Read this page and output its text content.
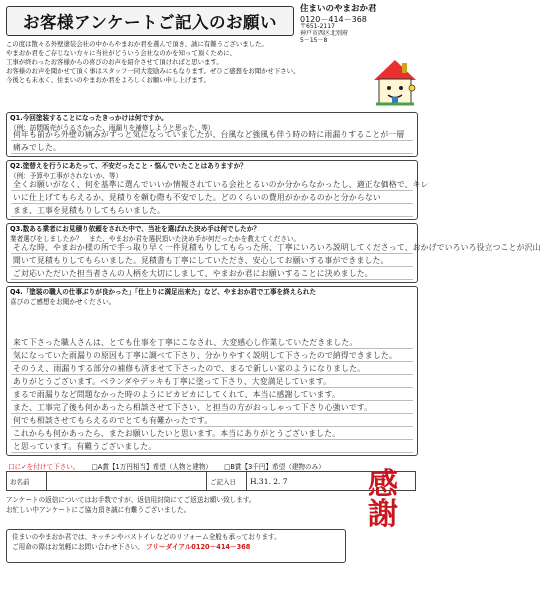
お客様アンケートご記入のお願い
住まいのやまおか君
0120－414－368
〒651-2117
神戸市西区北別府
5－15－8
この度は散々る外壁塗装会社の中からやまおか君を選んで頂き、誠に有難うございました。
やまおか君をご存じない方々に当社がどういう会社なのかを知って頂くために、
工事が終わったお客様からの喜びのお声を紹介させて頂ければと思います。
お客様のお声を聞かせて頂く事はスタッフ一同大変励みにもなります。ぜひご感想をお聞かせ下さい。
今後とも末永く、住まいのやまおか君をよろしくお願い申し上げます。
Q1.今回塗装することになったきっかけは何ですか。
（例：訪問販売がうるさかった、雨漏りを補修しようと思った、等）
何年も前から外壁の痛みがずっと気になっていましたが、台風など強風も伴う時の時に雨漏りすることが一層
痛みでした。
Q2.塗替えを行うにあたって、不安だったこと・悩んでいたことはありますか？
（例：予算や工事がされないか、等）
全くお願いがなく、何を基準に選んでいいか情報されている会社とるいのか分からなかったし、適正な価格で、キレ
いに仕上げてもらえるか、見積りを頼む際も不安でした。どのくらいの費用がかかるのかと分からない
まま、工事を見積もりしてもらいました。
Q3.数ある業者にお見積り依頼をされた中で、当社を選ばれた決め手は何でしたか？
業者選びをしましたか？　また、やまおか君を選択頂いた決め手が何だったかを教えてください。
そんな時、やまおか様の所で手っ取り早く一件見積もりしてもらった所、丁寧にいろいろ説明してくださって、おかげでいろいろ役立つことが沢山
聞いて見積もりしてもらいました。見積書も丁寧にしていただき、安心してお願いする事ができました。
ご対応いただいた担当者さんの人柄を大切にしまして、やまおか君にお願いすることに決めました。
Q4.「塗装の職人の仕事ぶりが良かった」「仕上りに満足出来た」など、やまおか君で工事を終えられた
喜びのご感想をお聞かせください。
来て下さった職人さんは、とても仕事を丁寧にこなされ、大変感心し作業していただきました。
気になっていた雨漏りの原因も丁寧に調べて下さり、分かりやすく説明して下さったので納得できました。
そのうえ、雨漏りする部分の補修も済ませて下さったので、まるで新しい家のようになりました。
ありがとうございます。ベランダやデッキも丁寧に塗って下さり、大変満足しています。
まるで雨漏りなど問題なかった時のようにピカピカにしてくれて、本当に感謝しています。
また、工事完了後も何かあったら相談させて下さい、と担当の方がおっしゃって下さり心強いです。
何でも相談させてもらえるのでとても有難かったです。
これからも何かあったら、またお願いしたいと思います。本当にありがとうございました。
と思っています。有難うございました。
口に✓を付けて下さい。 □A賞【1万円相当】希望（人物と建物） □B賞【3千円】希望（建物のみ）
お名前	ご記入日	H.31. 2. 7
アンケートの返信についてはお手数ですが、返信用封筒にてご返送お願い致します。
お忙しい中アンケートにご協力頂き誠に有難うございました。
感
謝
住まいのやまおか君では、キッチンやバストイレなどのリフォーム全般も承っております。
ご用命の際はお気軽にお問い合わせ下さい。 フリーダイアル0120－414－368
